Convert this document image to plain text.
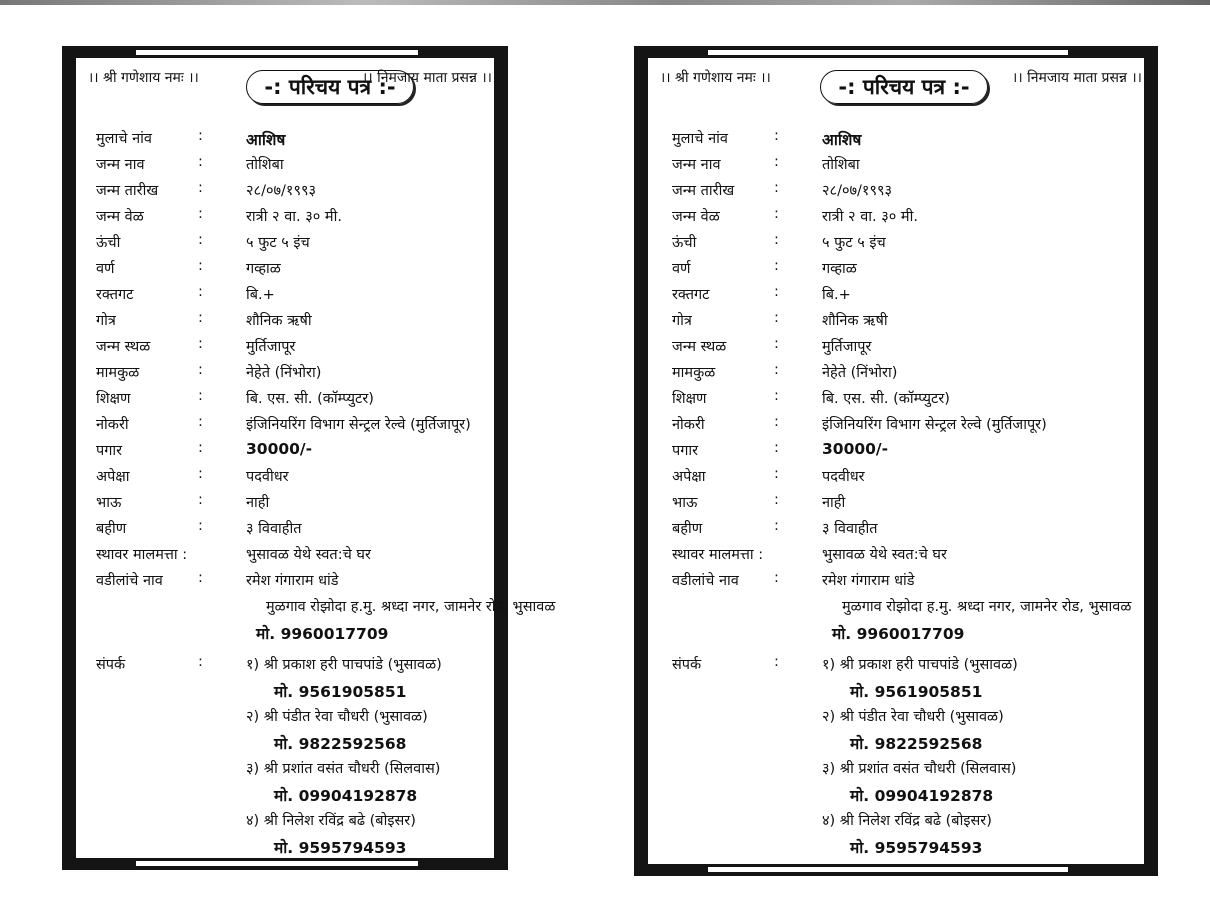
।। श्री गणेशाय नमः ।।	।। निमजाय माता प्रसन्न ।।
-: परिचय पत्र :-
मुलाचे नांव	:	आशिष
जन्म नाव	:	तोशिबा
जन्म तारीख	:	२८/०७/१९९३
जन्म वेळ	:	रात्री २ वा. ३० मी.
ऊंची	:	५ फुट ५ इंच
वर्ण	:	गव्हाळ
रक्तगट	:	बि.+
गोत्र	:	शौनिक ऋषी
जन्म स्थळ	:	मुर्तिजापूर
मामकुळ	:	नेहेते (निंभोरा)
शिक्षण	:	बि. एस. सी. (कॉम्प्युटर)
नोकरी	:	इंजिनियरिंग विभाग सेन्ट्रल रेल्वे (मुर्तिजापूर)
पगार	:	30000/-
अपेक्षा	:	पदवीधर
भाऊ	:	नाही
बहीण	:	३ विवाहीत
स्थावर मालमत्ता :	भुसावळ येथे स्वत:चे घर
वडीलांचे नाव :	रमेश गंगाराम धांडे
मुळगाव रोझोदा ह.मु. श्रध्दा नगर, जामनेर रोड, भुसावळ
मो. 9960017709
संपर्क	:	१) श्री प्रकाश हरी पाचपांडे (भुसावळ)
मो. 9561905851
२) श्री पंडीत रेवा चौधरी (भुसावळ)
मो. 9822592568
३) श्री प्रशांत वसंत चौधरी (सिलवास)
मो. 09904192878
४) श्री निलेश रविंद्र बढे (बोइसर)
मो. 9595794593
।। श्री गणेशाय नमः ।।	।। निमजाय माता प्रसन्न ।।
-: परिचय पत्र :-
मुलाचे नांव	:	आशिष
जन्म नाव	:	तोशिबा
जन्म तारीख	:	२८/०७/१९९३
जन्म वेळ	:	रात्री २ वा. ३० मी.
ऊंची	:	५ फुट ५ इंच
वर्ण	:	गव्हाळ
रक्तगट	:	बि.+
गोत्र	:	शौनिक ऋषी
जन्म स्थळ	:	मुर्तिजापूर
मामकुळ	:	नेहेते (निंभोरा)
शिक्षण	:	बि. एस. सी. (कॉम्प्युटर)
नोकरी	:	इंजिनियरिंग विभाग सेन्ट्रल रेल्वे (मुर्तिजापूर)
पगार	:	30000/-
अपेक्षा	:	पदवीधर
भाऊ	:	नाही
बहीण	:	३ विवाहीत
स्थावर मालमत्ता :	भुसावळ येथे स्वत:चे घर
वडीलांचे नाव :	रमेश गंगाराम धांडे
मुळगाव रोझोदा ह.मु. श्रध्दा नगर, जामनेर रोड, भुसावळ
मो. 9960017709
संपर्क	:	१) श्री प्रकाश हरी पाचपांडे (भुसावळ)
मो. 9561905851
२) श्री पंडीत रेवा चौधरी (भुसावळ)
मो. 9822592568
३) श्री प्रशांत वसंत चौधरी (सिलवास)
मो. 09904192878
४) श्री निलेश रविंद्र बढे (बोइसर)
मो. 9595794593
